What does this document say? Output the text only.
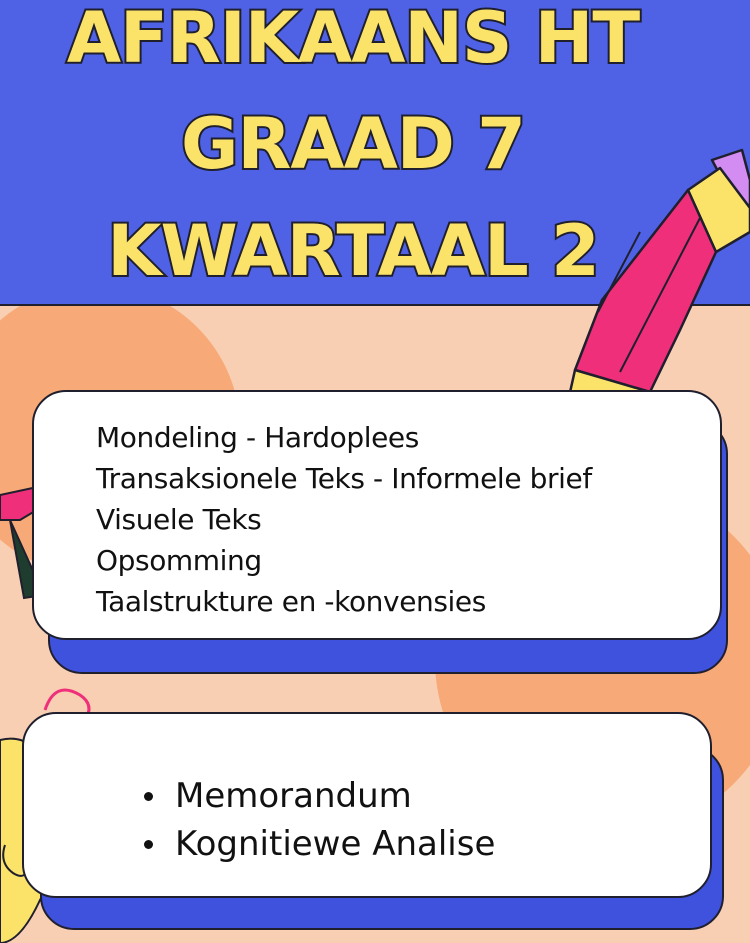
AFRIKAANS HT
GRAAD 7
KWARTAAL 2
Mondeling - Hardoplees
Transaksionele Teks - Informele brief
Visuele Teks
Opsomming
Taalstrukture en -konvensies
Memorandum
Kognitiewe Analise
